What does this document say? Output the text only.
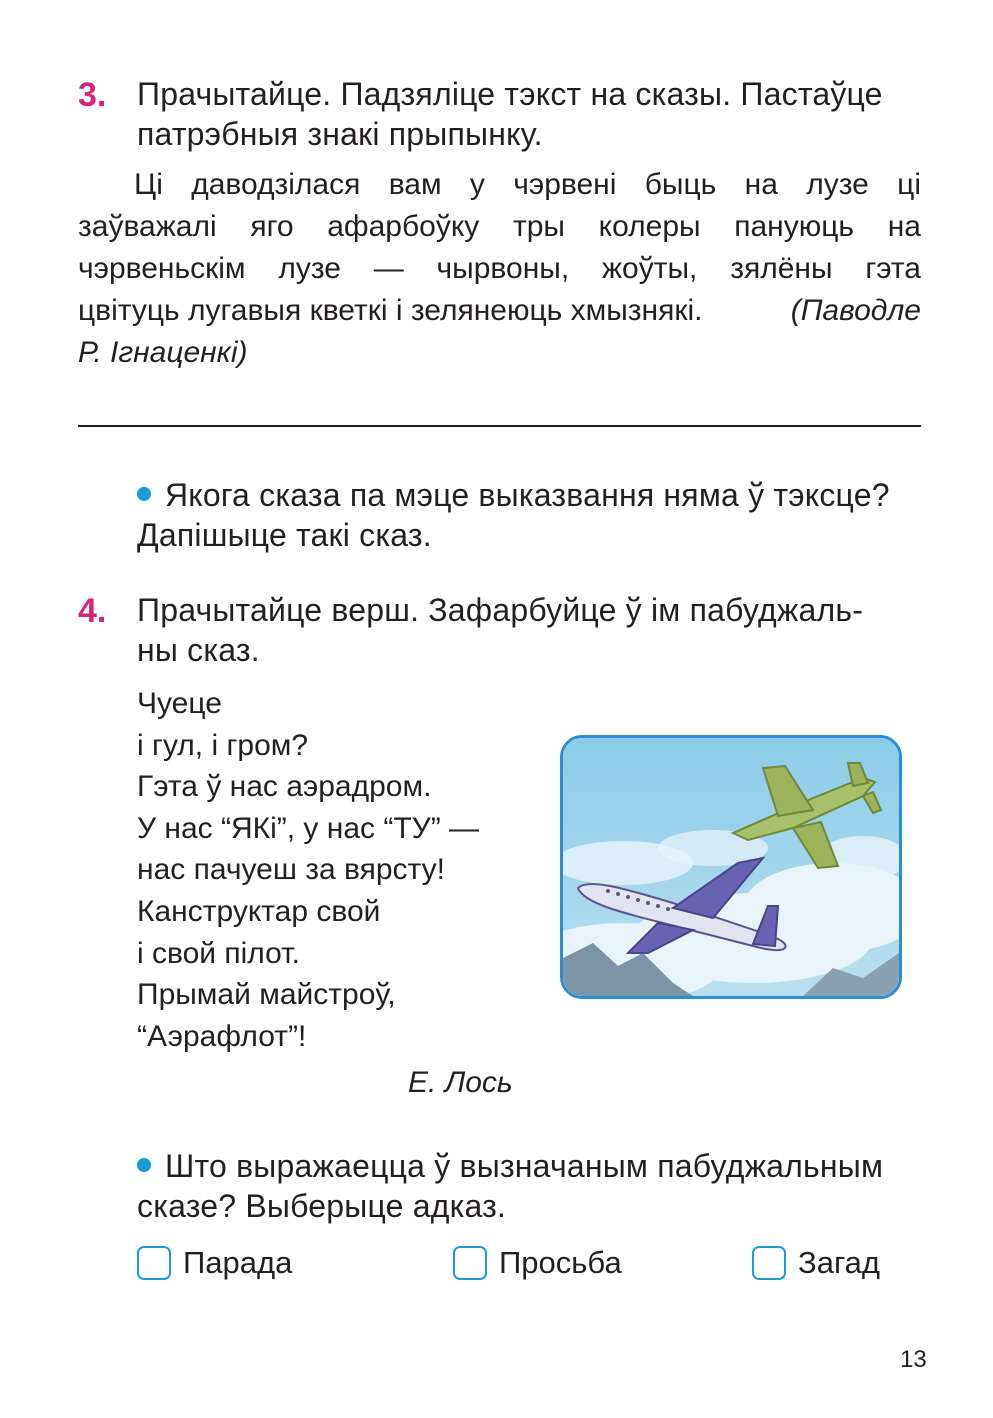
3. Прачытайце. Падзяліце тэкст на сказы. Пастаўце
патрэбныя знакі прыпынку.
Ці даводзілася вам у чэрвені быць на лузе ці
заўважалі яго афарбоўку тры колеры пануюць на
чэрвеньскім лузе — чырвоны, жоўты, зялёны гэта
цвітуць лугавыя кветкі і зелянеюць хмызнякі.	(Паводле
Р. Ігнаценкі)
Якога сказа па мэце выказвання няма ў тэксце?
Дапішыце такі сказ.
4. Прачытайце верш. Зафарбуйце ў ім пабуджаль-
ны сказ.
Чуеце
і гул, і гром?
Гэта ў нас аэрадром.
У нас “ЯКі”, у нас “ТУ” —
нас пачуеш за вярсту!
Канструктар свой
і свой пілот.
Прымай майстроў,
“Аэрафлот”!
Е. Лось
Што выражаецца ў вызначаным пабуджальным
сказе? Выберыце адказ.
Парада	Просьба	Загад
13
